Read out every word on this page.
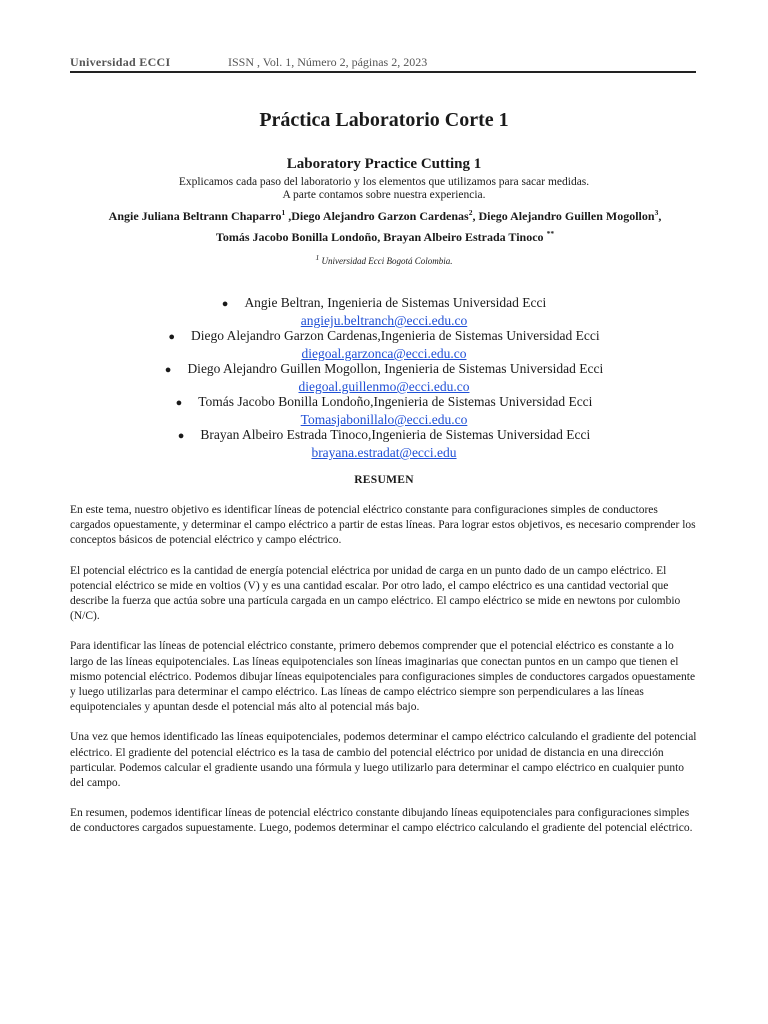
Universidad ECCI	ISSN , Vol. 1, Número 2, páginas 2, 2023
Práctica Laboratorio Corte 1
Laboratory Practice Cutting 1
Explicamos cada paso del laboratorio y los elementos que utilizamos para sacar medidas.
A parte contamos sobre nuestra experiencia.
Angie Juliana Beltrann Chaparro$^1$ ,Diego Alejandro Garzon Cardenas$^2$, Diego Alejandro Guillen Mogollon$^3$,
Tomás Jacobo Bonilla Londoño, Brayan Albeiro Estrada Tinoco **
$^1$ Universidad Ecci Bogotá Colombia.
● Angie Beltran, Ingenieria de Sistemas Universidad Ecci
angieju.beltranch@ecci.edu.co
● Diego Alejandro Garzon Cardenas,Ingenieria de Sistemas Universidad Ecci
diegoal.garzonca@ecci.edu.co
● Diego Alejandro Guillen Mogollon, Ingenieria de Sistemas Universidad Ecci
diegoal.guillenmo@ecci.edu.co
● Tomás Jacobo Bonilla Londoño,Ingenieria de Sistemas Universidad Ecci
Tomasjabonillalo@ecci.edu.co
● Brayan Albeiro Estrada Tinoco,Ingenieria de Sistemas Universidad Ecci
brayana.estradat@ecci.edu
RESUMEN

En este tema, nuestro objetivo es identificar líneas de potencial eléctrico constante para configuraciones simples de conductores cargados opuestamente, y determinar el campo eléctrico a partir de estas líneas. Para lograr estos objetivos, es necesario comprender los conceptos básicos de potencial eléctrico y campo eléctrico.

El potencial eléctrico es la cantidad de energía potencial eléctrica por unidad de carga en un punto dado de un campo eléctrico. El potencial eléctrico se mide en voltios (V) y es una cantidad escalar. Por otro lado, el campo eléctrico es una cantidad vectorial que describe la fuerza que actúa sobre una partícula cargada en un campo eléctrico. El campo eléctrico se mide en newtons por culombio (N/C).

Para identificar las líneas de potencial eléctrico constante, primero debemos comprender que el potencial eléctrico es constante a lo largo de las líneas equipotenciales. Las líneas equipotenciales son líneas imaginarias que conectan puntos en un campo que tienen el mismo potencial eléctrico. Podemos dibujar líneas equipotenciales para configuraciones simples de conductores cargados opuestamente y luego utilizarlas para determinar el campo eléctrico. Las líneas de campo eléctrico siempre son perpendiculares a las líneas equipotenciales y apuntan desde el potencial más alto al potencial más bajo.

Una vez que hemos identificado las líneas equipotenciales, podemos determinar el campo eléctrico calculando el gradiente del potencial eléctrico. El gradiente del potencial eléctrico es la tasa de cambio del potencial eléctrico por unidad de distancia en una dirección particular. Podemos calcular el gradiente usando una fórmula y luego utilizarlo para determinar el campo eléctrico en cualquier punto del campo.

En resumen, podemos identificar líneas de potencial eléctrico constante dibujando líneas equipotenciales para configuraciones simples de conductores cargados supuestamente. Luego, podemos determinar el campo eléctrico calculando el gradiente del potencial eléctrico.
